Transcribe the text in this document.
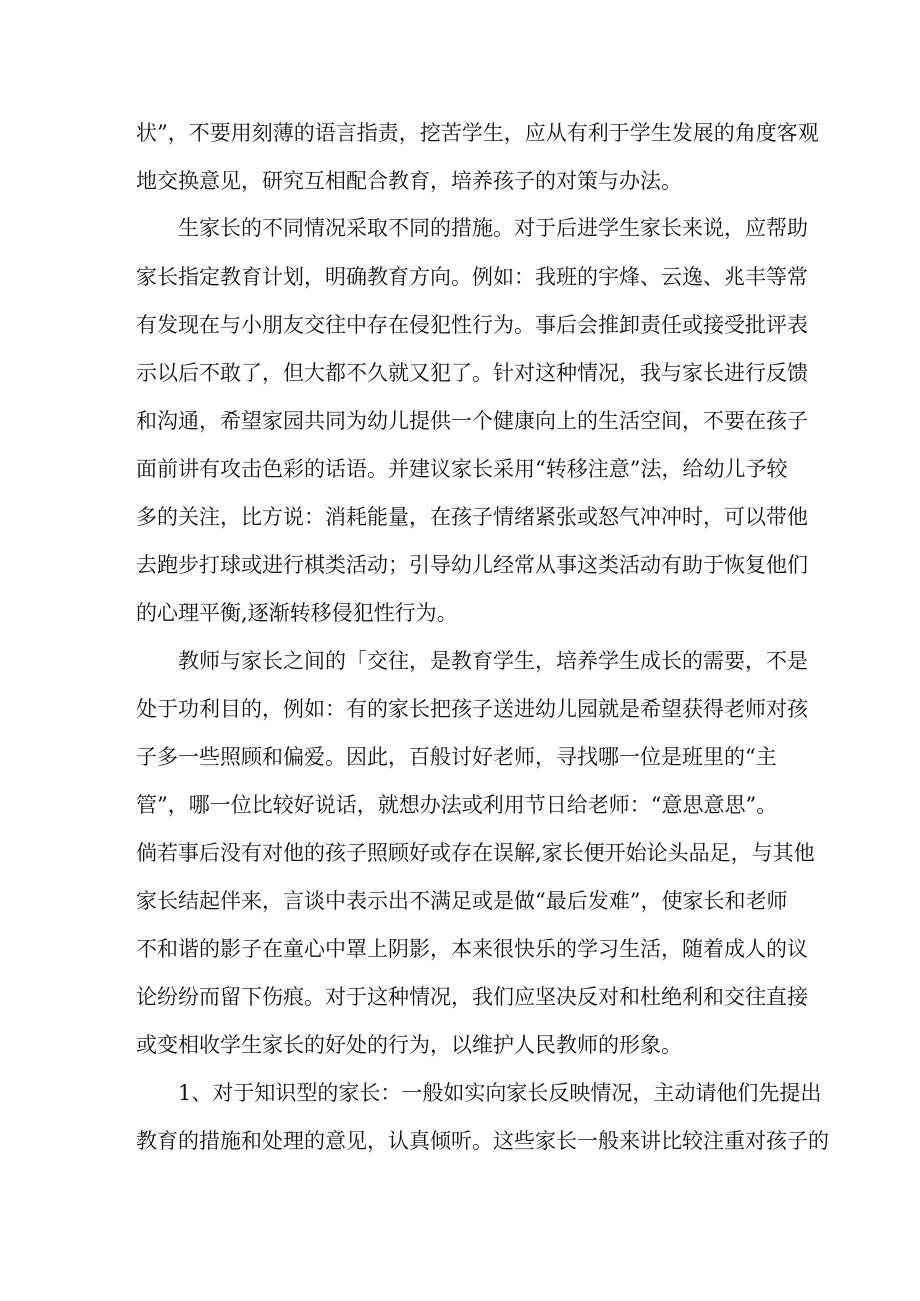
状”，不要用刻薄的语言指责，挖苦学生，应从有利于学生发展的角度客观
地交换意见，研究互相配合教育，培养孩子的对策与办法。
生家长的不同情况采取不同的措施。对于后进学生家长来说，应帮助
家长指定教育计划，明确教育方向。例如：我班的宇烽、云逸、兆丰等常
有发现在与小朋友交往中存在侵犯性行为。事后会推卸责任或接受批评表
示以后不敢了，但大都不久就又犯了。针对这种情况，我与家长进行反馈
和沟通，希望家园共同为幼儿提供一个健康向上的生活空间，不要在孩子
面前讲有攻击色彩的话语。并建议家长采用“转移注意”法，给幼儿予较
多的关注，比方说：消耗能量，在孩子情绪紧张或怒气冲冲时，可以带他
去跑步打球或进行棋类活动；引导幼儿经常从事这类活动有助于恢复他们
的心理平衡,逐渐转移侵犯性行为。
教师与家长之间的「交往，是教育学生，培养学生成长的需要，不是
处于功利目的，例如：有的家长把孩子送进幼儿园就是希望获得老师对孩
子多一些照顾和偏爱。因此，百般讨好老师，寻找哪一位是班里的“主
管”，哪一位比较好说话，就想办法或利用节日给老师：“意思意思”。
倘若事后没有对他的孩子照顾好或存在误解,家长便开始论头品足，与其他
家长结起伴来，言谈中表示出不满足或是做“最后发难”，使家长和老师
不和谐的影子在童心中罩上阴影，本来很快乐的学习生活，随着成人的议
论纷纷而留下伤痕。对于这种情况，我们应坚决反对和杜绝利和交往直接
或变相收学生家长的好处的行为，以维护人民教师的形象。
1、对于知识型的家长：一般如实向家长反映情况，主动请他们先提出
教育的措施和处理的意见，认真倾听。这些家长一般来讲比较注重对孩子的
